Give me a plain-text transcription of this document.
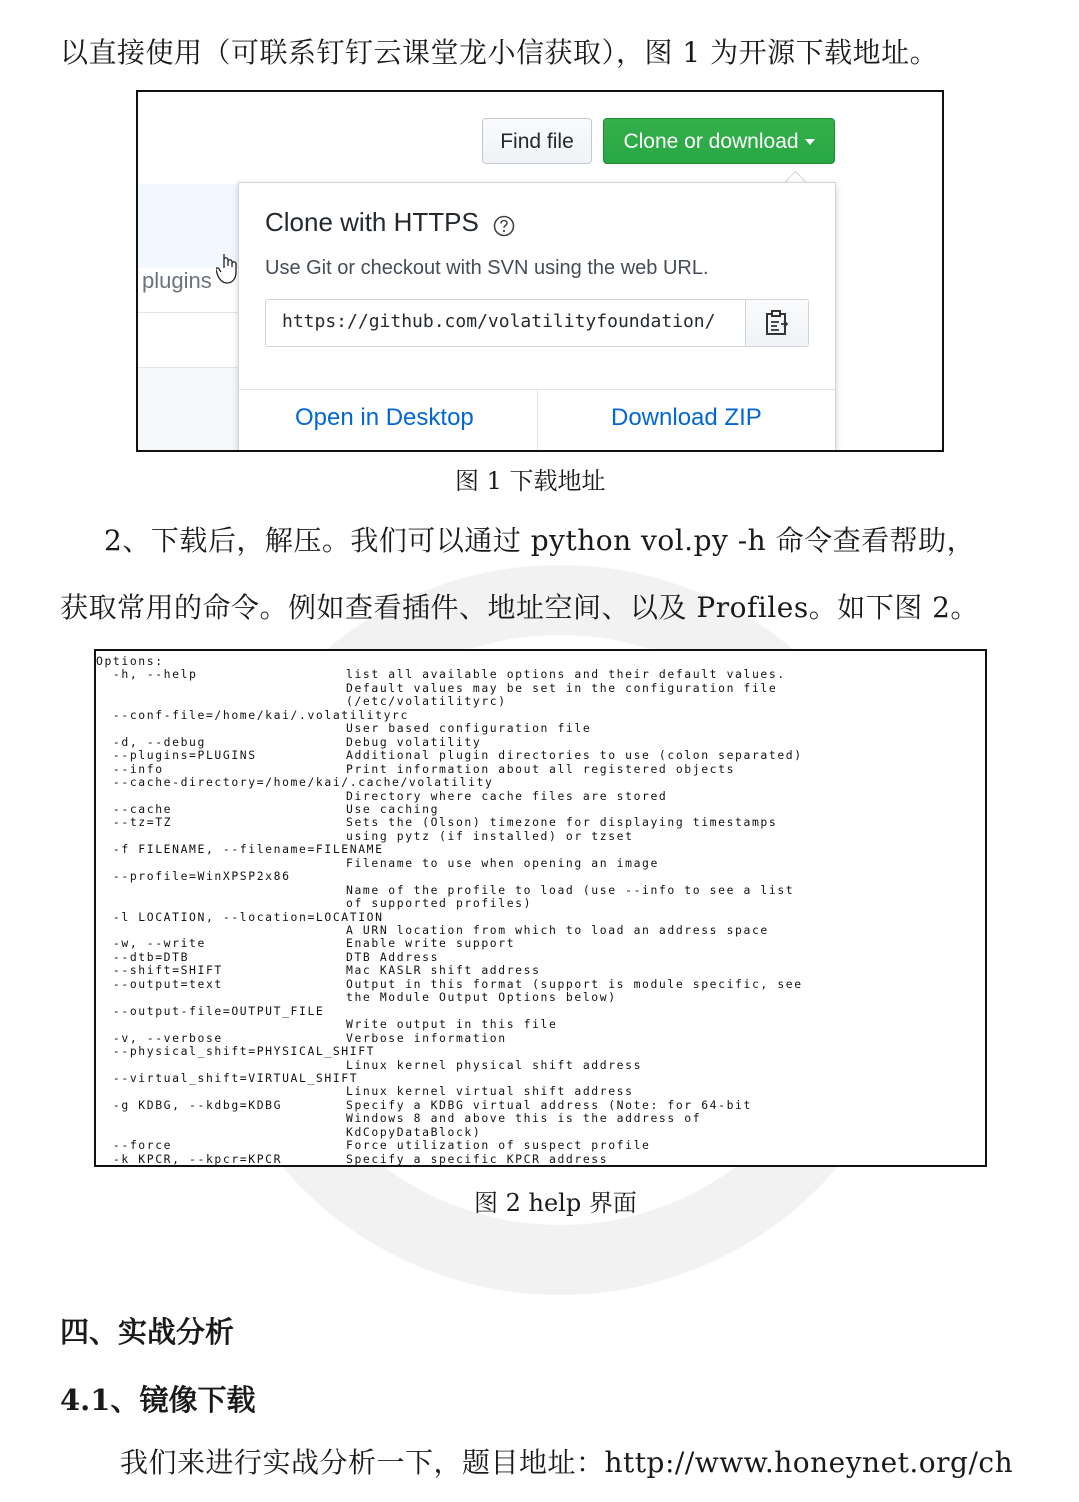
以直接使用（可联系钉钉云课堂龙小信获取），图 1 为开源下载地址。
plugins
Find file	Clone or download
Clone with HTTPS
Use Git or checkout with SVN using the web URL.
https://github.com/volatilityfoundation/
Open in Desktop	Download ZIP
图 1 下载地址
2、下载后，解压。我们可以通过 python vol.py -h 命令查看帮助，
获取常用的命令。例如查看插件、地址空间、以及 Profiles。如下图 2。
Options:
-h, --help	list all available options and their default values.
Default values may be set in the configuration file
(/etc/volatilityrc)
--conf-file=/home/kai/.volatilityrc
User based configuration file
-d, --debug	Debug volatility
--plugins=PLUGINS	Additional plugin directories to use (colon separated)
--info	Print information about all registered objects
--cache-directory=/home/kai/.cache/volatility
Directory where cache files are stored
--cache	Use caching
--tz=TZ	Sets the (Olson) timezone for displaying timestamps
using pytz (if installed) or tzset
-f FILENAME, --filename=FILENAME
Filename to use when opening an image
--profile=WinXPSP2x86
Name of the profile to load (use --info to see a list
of supported profiles)
-l LOCATION, --location=LOCATION
A URN location from which to load an address space
-w, --write	Enable write support
--dtb=DTB	DTB Address
--shift=SHIFT	Mac KASLR shift address
--output=text	Output in this format (support is module specific, see
the Module Output Options below)
--output-file=OUTPUT_FILE
Write output in this file
-v, --verbose	Verbose information
--physical_shift=PHYSICAL_SHIFT
Linux kernel physical shift address
--virtual_shift=VIRTUAL_SHIFT
Linux kernel virtual shift address
-g KDBG, --kdbg=KDBG	Specify a KDBG virtual address (Note: for 64-bit
Windows 8 and above this is the address of
KdCopyDataBlock)
--force	Force utilization of suspect profile
-k KPCR, --kpcr=KPCR	Specify a specific KPCR address
图 2 help 界面
四、实战分析
4.1、镜像下载
我们来进行实战分析一下，题目地址：http://www.honeynet.org/ch
